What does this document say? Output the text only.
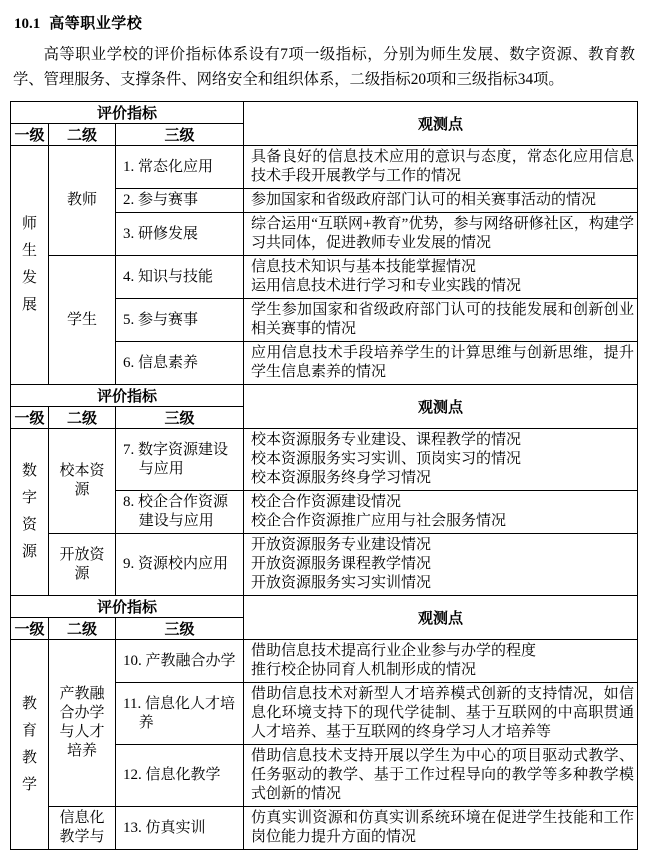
10.1 高等职业学校

高等职业学校的评价指标体系设有7项一级指标，分别为师生发展、数字资源、教育教学、管理服务、支撑条件、网络安全和组织体系，二级指标20项和三级指标34项。

评价指标			观测点
一级	二级	三级	

师生发展	教师	1. 常态化应用	具备良好的信息技术应用的意识与态度，常态化应用信息技术手段开展教学与工作的情况

		2. 参与赛事	参加国家和省级政府部门认可的相关赛事活动的情况

		3. 研修发展	综合运用“互联网+教育”优势，参与网络研修社区，构建学习共同体，促进教师专业发展的情况

	学生	4. 知识与技能	信息技术知识与基本技能掌握情况
运用信息技术进行学习和专业实践的情况

		5. 参与赛事	学生参加国家和省级政府部门认可的技能发展和创新创业相关赛事的情况

		6. 信息素养	应用信息技术手段培养学生的计算思维与创新思维，提升学生信息素养的情况

评价指标			观测点
一级	二级	三级	

数字资源	校本资源	7. 数字资源建设与应用	校本资源服务专业建设、课程教学的情况
校本资源服务实习实训、顶岗实习的情况
校本资源服务终身学习情况

		8. 校企合作资源建设与应用	校企合作资源建设情况
校企合作资源推广应用与社会服务情况

	开放资源	9. 资源校内应用	开放资源服务专业建设情况
开放资源服务课程教学情况
开放资源服务实习实训情况

评价指标			观测点
一级	二级	三级	

教育教学	产教融合办学与人才培养	10. 产教融合办学	借助信息技术提高行业企业参与办学的程度
推行校企协同育人机制形成的情况

		11. 信息化人才培养	借助信息技术对新型人才培养模式创新的支持情况，如信息化环境支持下的现代学徒制、基于互联网的中高职贯通人才培养、基于互联网的终身学习人才培养等

		12. 信息化教学	借助信息技术支持开展以学生为中心的项目驱动式教学、任务驱动的教学、基于工作过程导向的教学等多种教学模式创新的情况

	信息化教学与	13. 仿真实训	仿真实训资源和仿真实训系统环境在促进学生技能和工作岗位能力提升方面的情况
